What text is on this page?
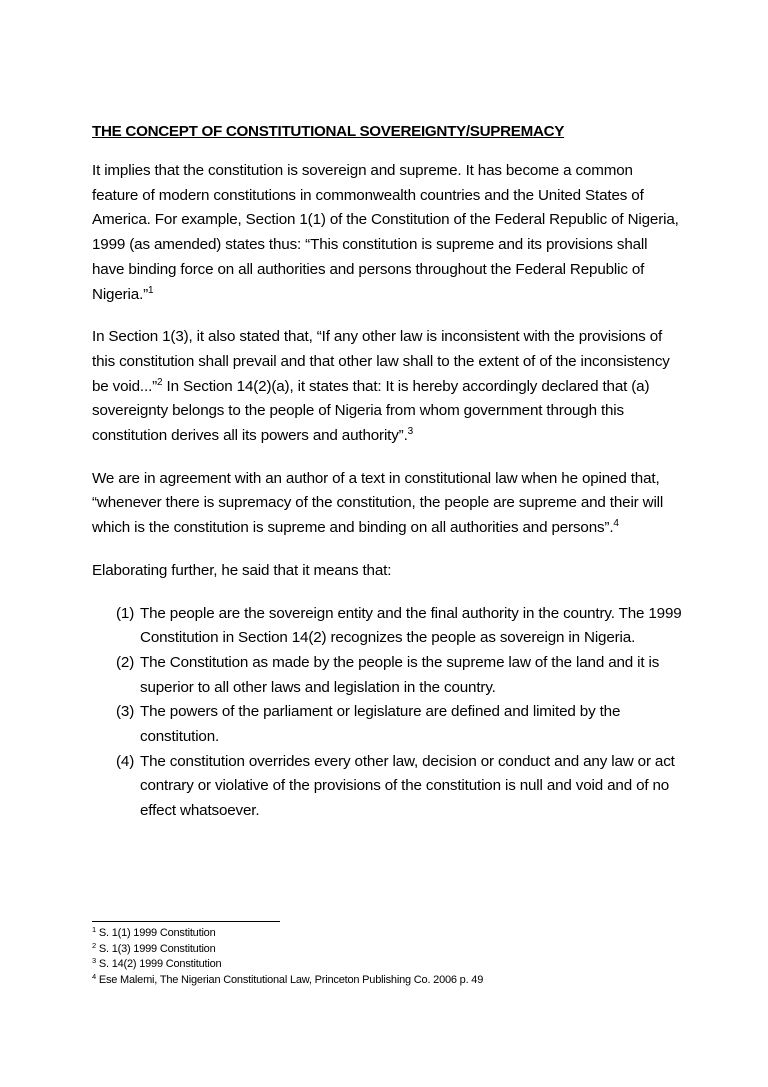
THE CONCEPT OF CONSTITUTIONAL SOVEREIGNTY/SUPREMACY

It implies that the constitution is sovereign and supreme. It has become a common feature of modern constitutions in commonwealth countries and the United States of America. For example, Section 1(1) of the Constitution of the Federal Republic of Nigeria, 1999 (as amended) states thus: “This constitution is supreme and its provisions shall have binding force on all authorities and persons throughout the Federal Republic of Nigeria.”$^1$

In Section 1(3), it also stated that, “If any other law is inconsistent with the provisions of this constitution shall prevail and that other law shall to the extent of of the inconsistency be void...”$^2$ In Section 14(2)(a), it states that: It is hereby accordingly declared that (a) sovereignty belongs to the people of Nigeria from whom government through this constitution derives all its powers and authority”.$^3$

We are in agreement with an author of a text in constitutional law when he opined that, “whenever there is supremacy of the constitution, the people are supreme and their will which is the constitution is supreme and binding on all authorities and persons”.$^4$

Elaborating further, he said that it means that:

(1) The people are the sovereign entity and the final authority in the country. The 1999 Constitution in Section 14(2) recognizes the people as sovereign in Nigeria.
(2) The Constitution as made by the people is the supreme law of the land and it is superior to all other laws and legislation in the country.
(3) The powers of the parliament or legislature are defined and limited by the constitution.
(4) The constitution overrides every other law, decision or conduct and any law or act contrary or violative of the provisions of the constitution is null and void and of no effect whatsoever.
$^1$ S. 1(1) 1999 Constitution
$^2$ S. 1(3) 1999 Constitution
$^3$ S. 14(2) 1999 Constitution
$^4$ Ese Malemi, The Nigerian Constitutional Law, Princeton Publishing Co. 2006 p. 49
